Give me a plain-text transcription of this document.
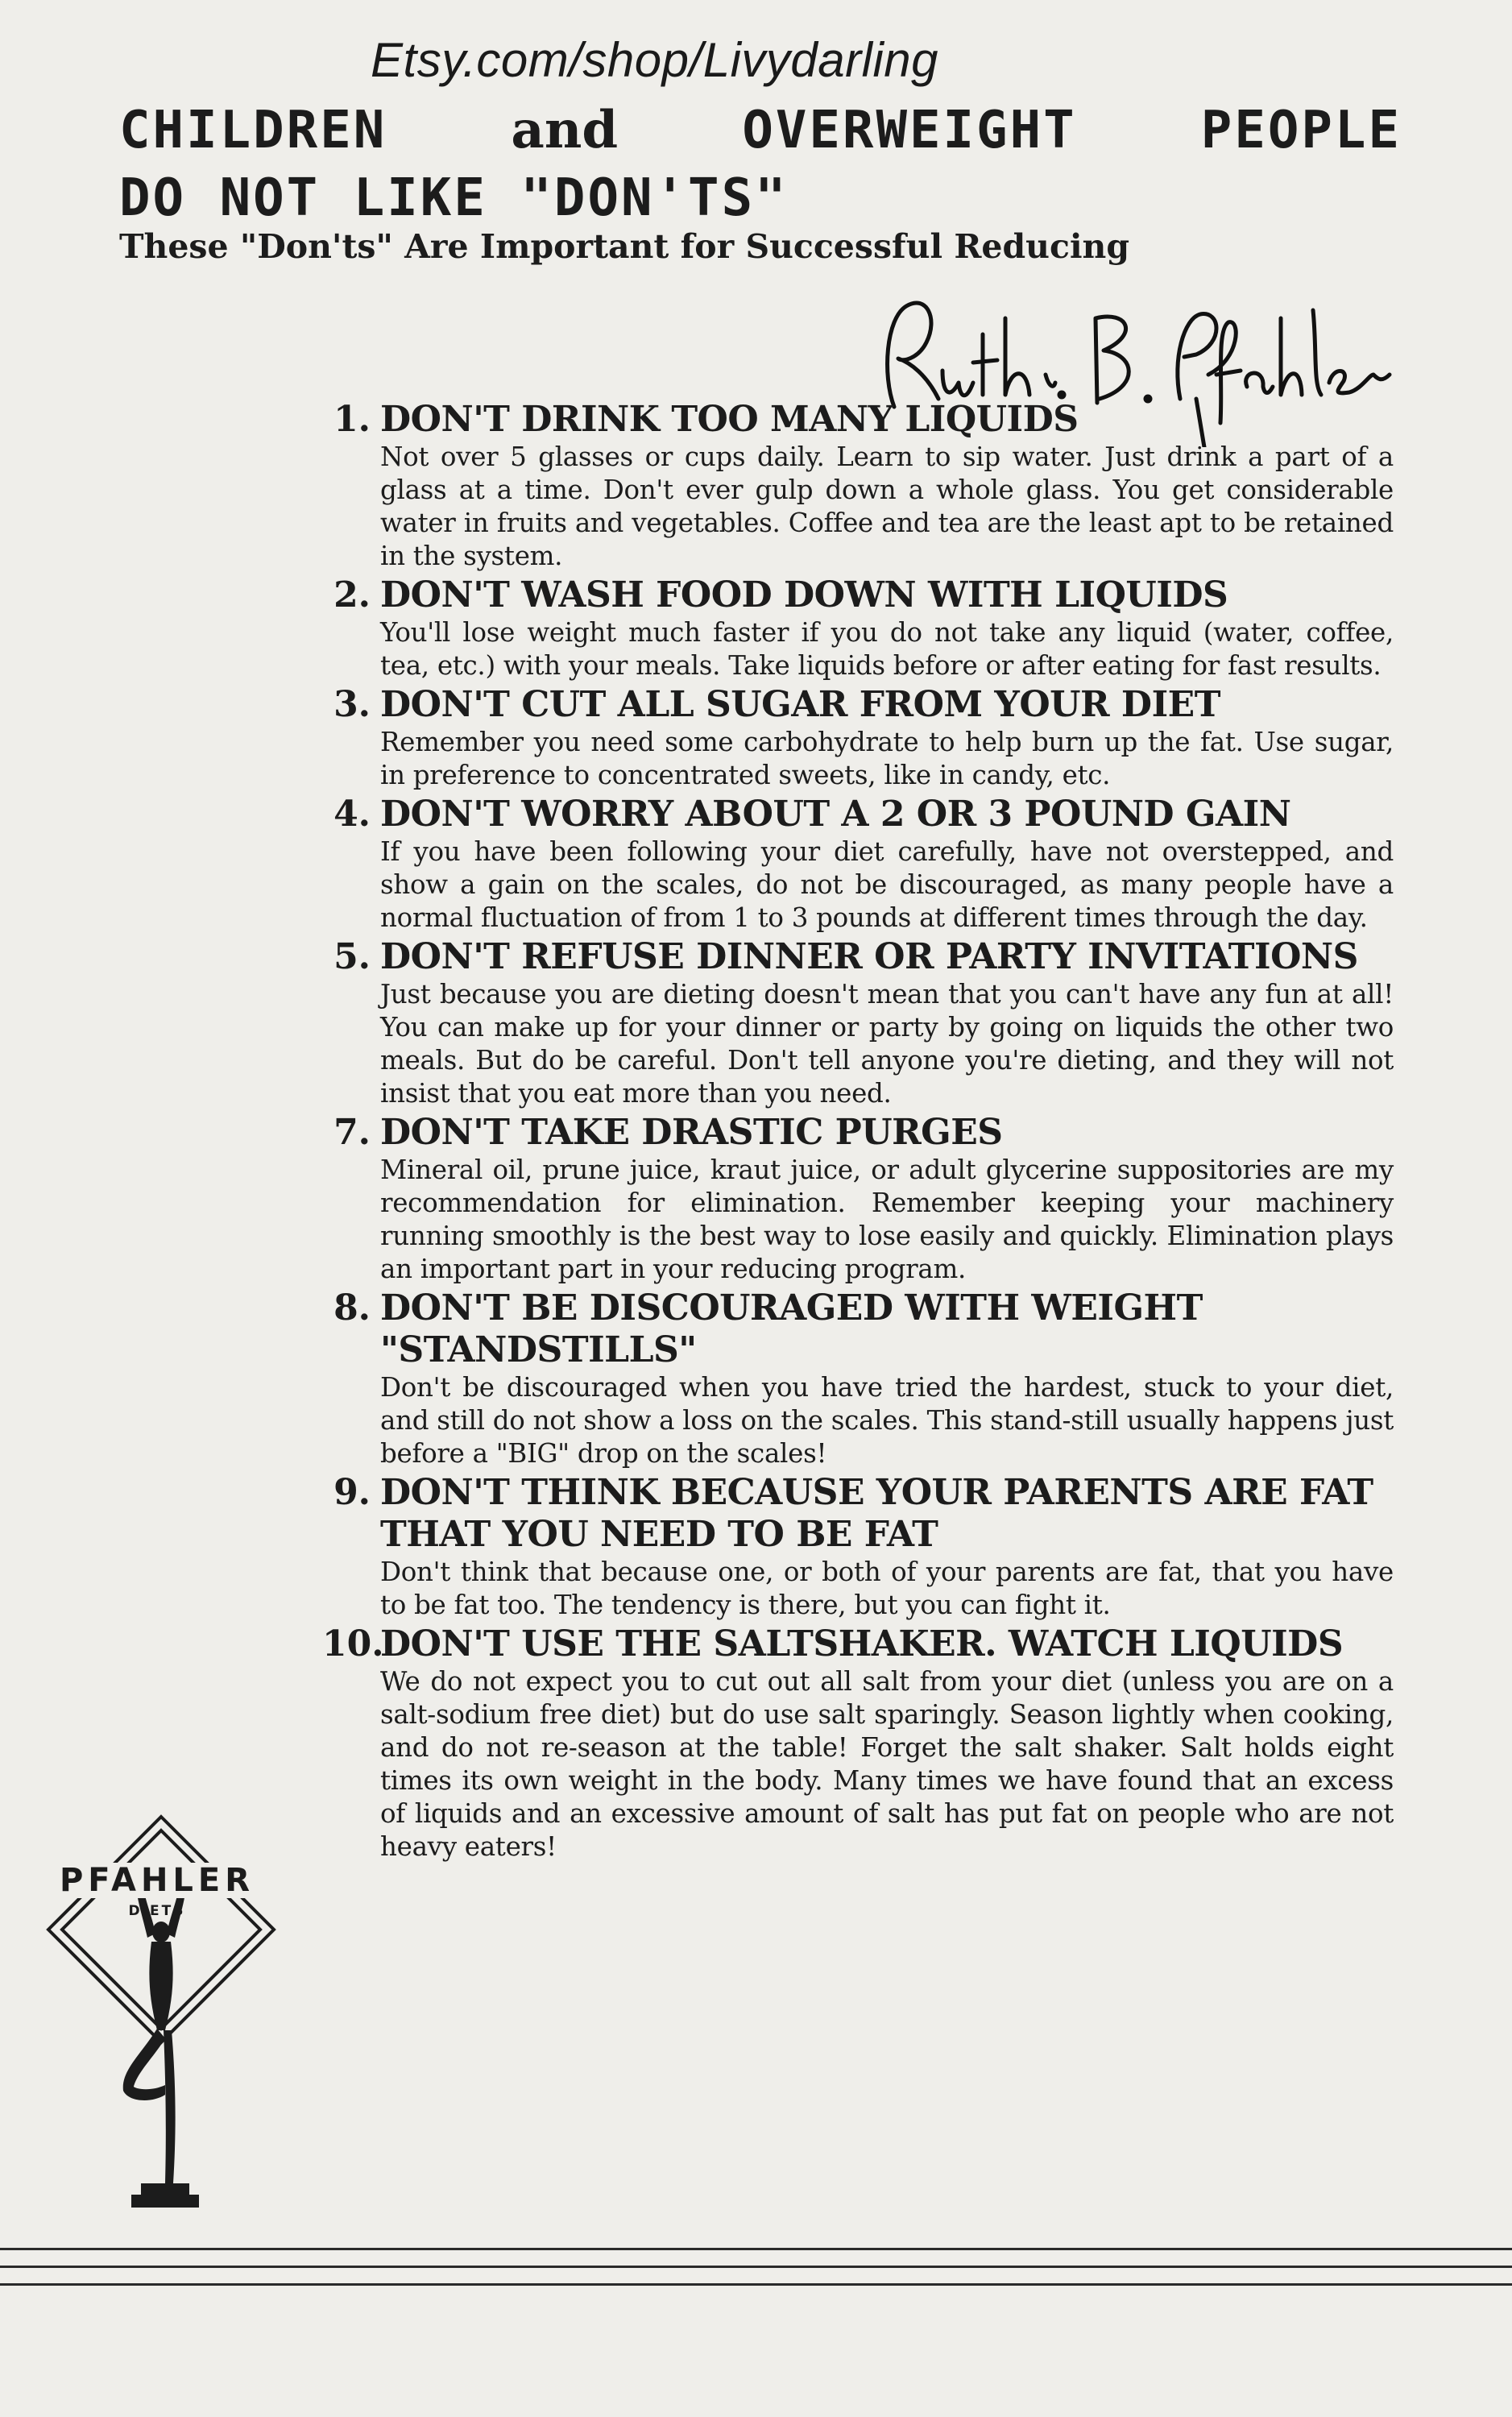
Etsy.com/shop/Livydarling
CHILDREN and OVERWEIGHT PEOPLE
DO NOT LIKE "DON'TS"
These "Don'ts" Are Important for Successful Reducing
1. DON'T DRINK TOO MANY LIQUIDS
Not over 5 glasses or cups daily. Learn to sip water. Just drink a part of a glass at a time. Don't ever gulp down a whole glass. You get considerable water in fruits and vegetables. Coffee and tea are the least apt to be retained in the system.
2. DON'T WASH FOOD DOWN WITH LIQUIDS
You'll lose weight much faster if you do not take any liquid (water, coffee, tea, etc.) with your meals. Take liquids before or after eating for fast results.
3. DON'T CUT ALL SUGAR FROM YOUR DIET
Remember you need some carbohydrate to help burn up the fat. Use sugar, in preference to concentrated sweets, like in candy, etc.
4. DON'T WORRY ABOUT A 2 OR 3 POUND GAIN
If you have been following your diet carefully, have not overstepped, and show a gain on the scales, do not be discouraged, as many people have a normal fluctuation of from 1 to 3 pounds at different times through the day.
5. DON'T REFUSE DINNER OR PARTY INVITATIONS
Just because you are dieting doesn't mean that you can't have any fun at all! You can make up for your dinner or party by going on liquids the other two meals. But do be careful. Don't tell anyone you're dieting, and they will not insist that you eat more than you need.
7. DON'T TAKE DRASTIC PURGES
Mineral oil, prune juice, kraut juice, or adult glycerine suppositories are my recommendation for elimination. Remember keeping your machinery running smoothly is the best way to lose easily and quickly. Elimination plays an important part in your reducing program.
8. DON'T BE DISCOURAGED WITH WEIGHT "STANDSTILLS"
Don't be discouraged when you have tried the hardest, stuck to your diet, and still do not show a loss on the scales. This stand-still usually happens just before a "BIG" drop on the scales!
9. DON'T THINK BECAUSE YOUR PARENTS ARE FAT THAT YOU NEED TO BE FAT
Don't think that because one, or both of your parents are fat, that you have to be fat too. The tendency is there, but you can fight it.
10.
DON'T USE THE SALTSHAKER. WATCH LIQUIDS
We do not expect you to cut out all salt from your diet (unless you are on a salt-sodium free diet) but do use salt sparingly. Season lightly when cooking, and do not re-season at the table! Forget the salt shaker. Salt holds eight times its own weight in the body. Many times we have found that an excess of liquids and an excessive amount of salt has put fat on people who are not heavy eaters!
PFAHLER
DIETS
